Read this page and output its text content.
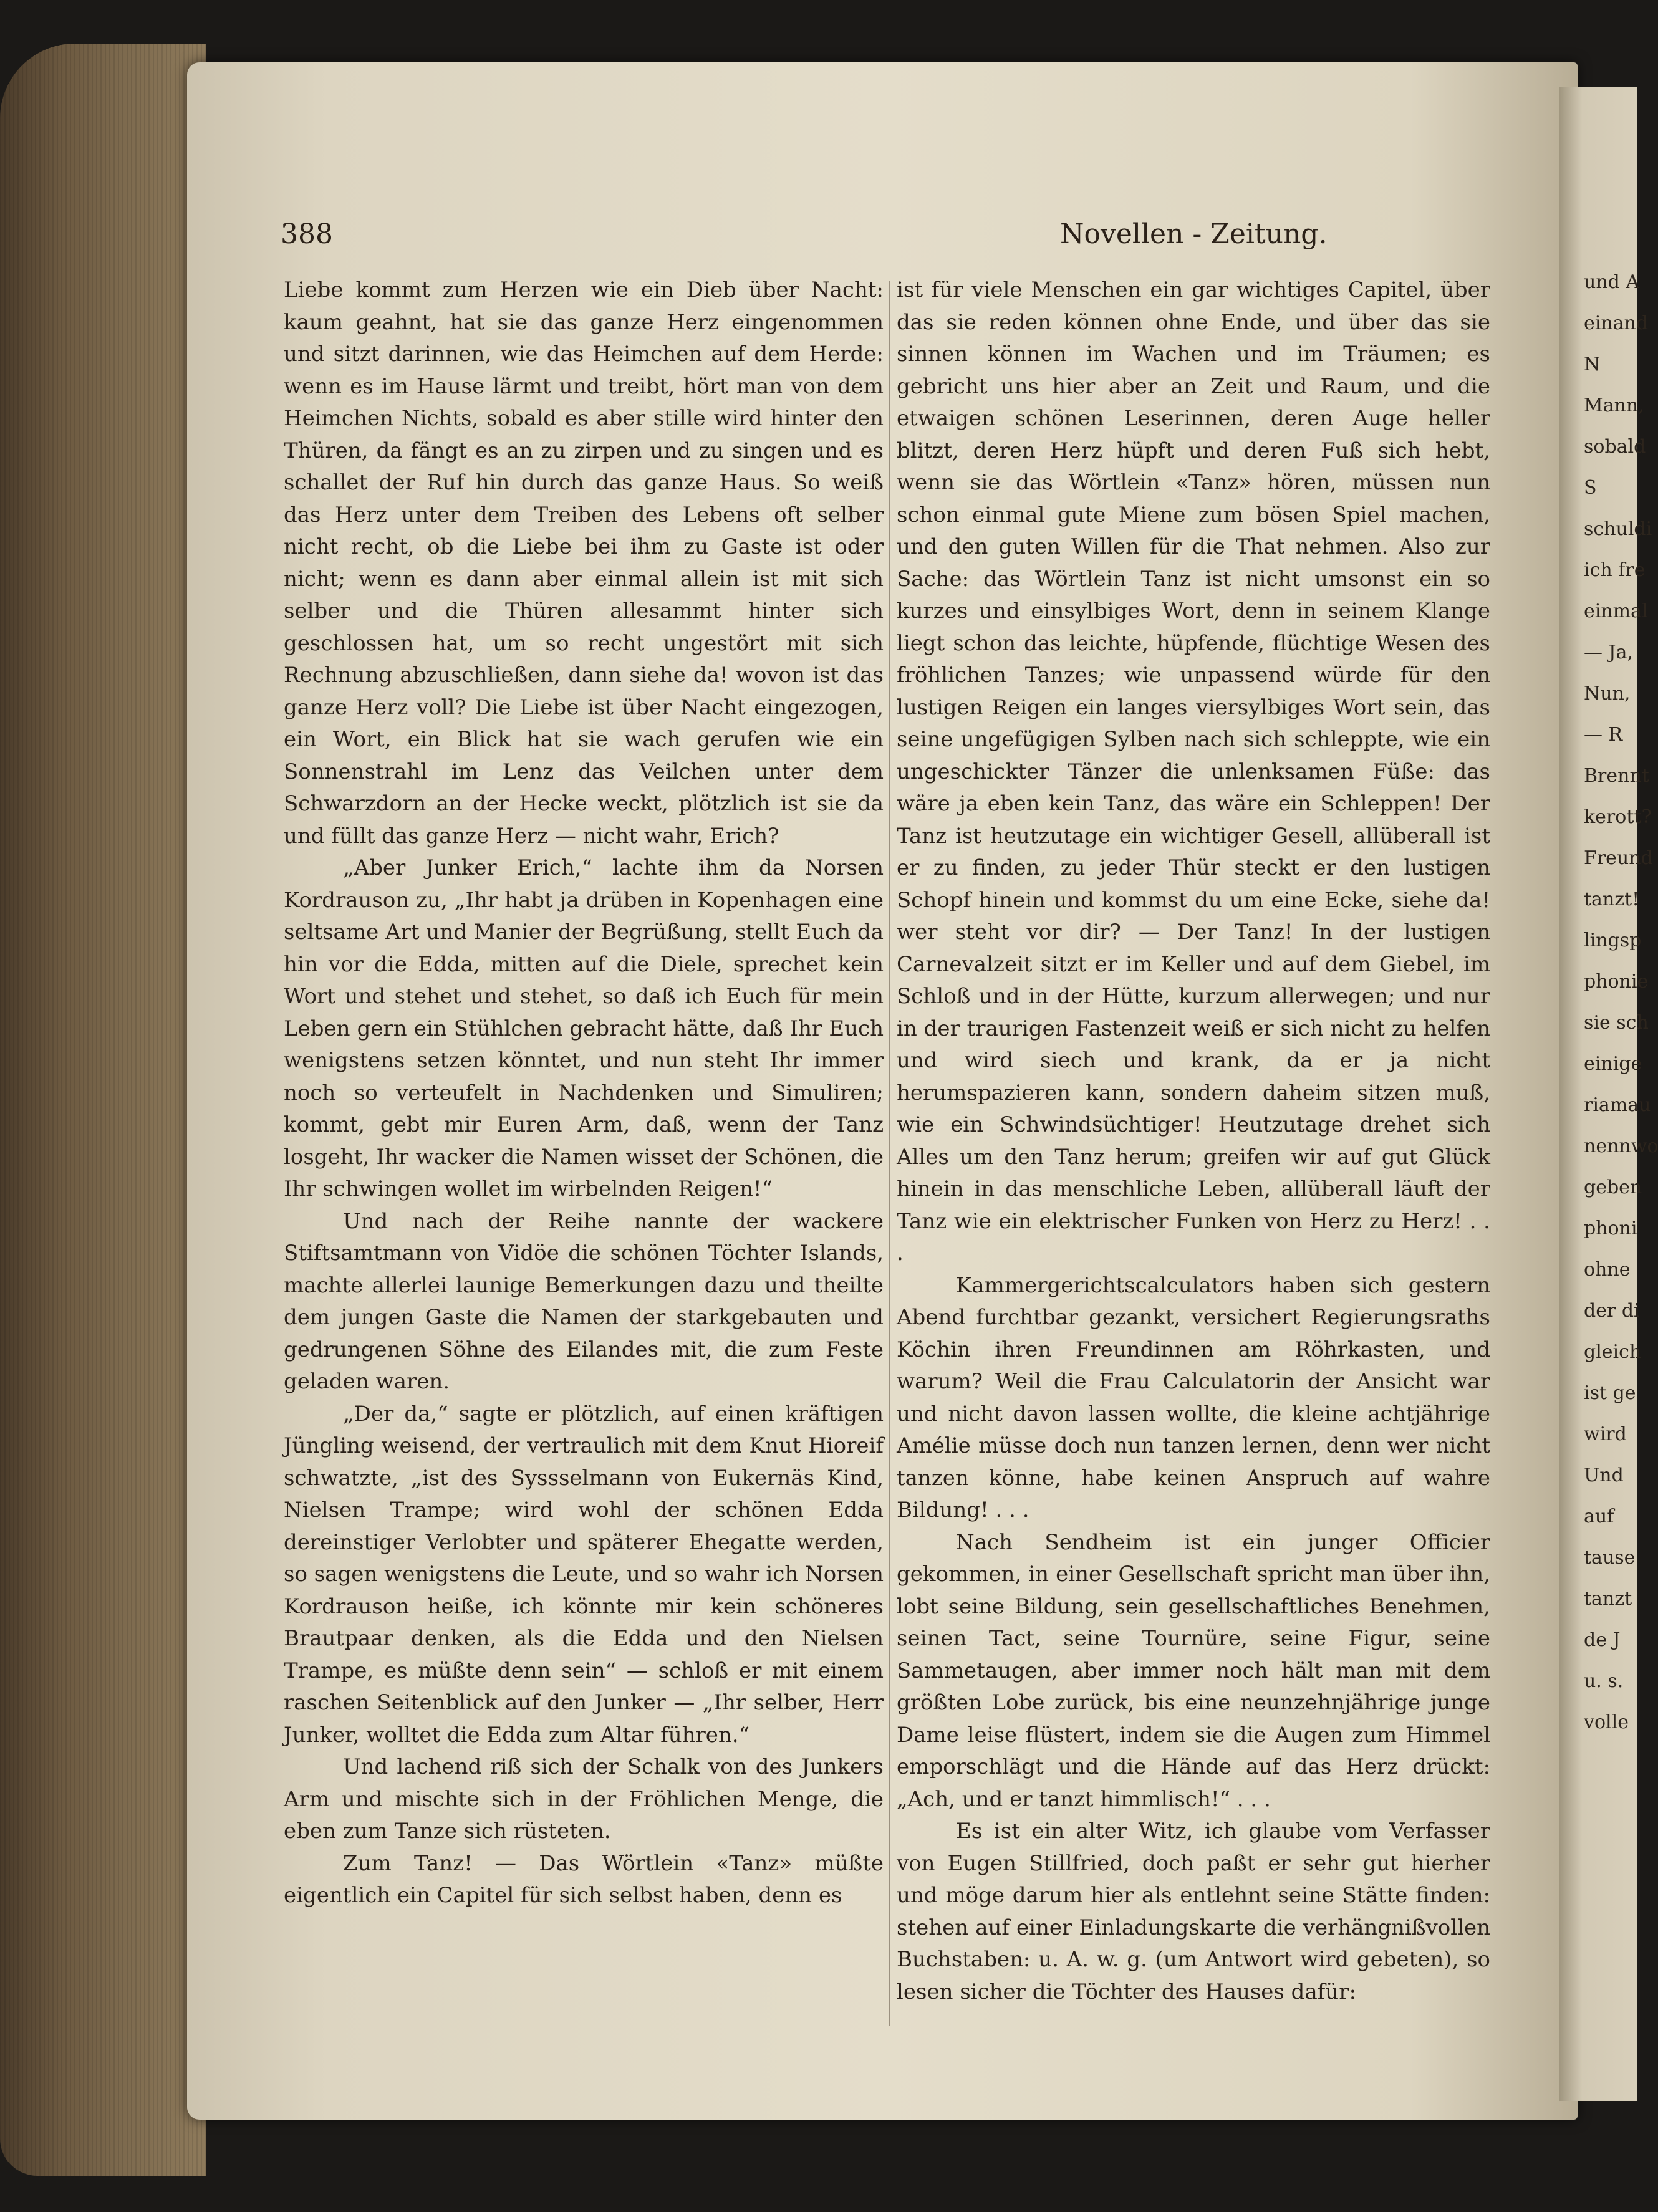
und A
einand
N
Mann,
sobald
S
schuldi
ich fre
einmal
— Ja,
Nun,
— R
Brennt
kerott?
Freund
tanzt!
lingsp
phonie
sie sch
einige
riamau
nennwo
geben
phoni
ohne
der di
gleich
ist ge
wird
Und
auf
tause
tanzt
de J
u. s.
volle
388	Novellen - Zeitung.

Liebe kommt zum Herzen wie ein Dieb über Nacht: kaum geahnt, hat sie das ganze Herz eingenommen und sitzt darinnen, wie das Heimchen auf dem Herde: wenn es im Hause lärmt und treibt, hört man von dem Heimchen Nichts, sobald es aber stille wird hinter den Thüren, da fängt es an zu zirpen und zu singen und es schallet der Ruf hin durch das ganze Haus. So weiß das Herz unter dem Treiben des Lebens oft selber nicht recht, ob die Liebe bei ihm zu Gaste ist oder nicht; wenn es dann aber einmal allein ist mit sich selber und die Thüren allesammt hinter sich geschlossen hat, um so recht ungestört mit sich Rechnung abzuschließen, dann siehe da! wovon ist das ganze Herz voll? Die Liebe ist über Nacht eingezogen, ein Wort, ein Blick hat sie wach gerufen wie ein Sonnenstrahl im Lenz das Veilchen unter dem Schwarzdorn an der Hecke weckt, plötzlich ist sie da und füllt das ganze Herz — nicht wahr, Erich?

„Aber Junker Erich,“ lachte ihm da Norsen Kordrauson zu, „Ihr habt ja drüben in Kopenhagen eine seltsame Art und Manier der Begrüßung, stellt Euch da hin vor die Edda, mitten auf die Diele, sprechet kein Wort und stehet und stehet, so daß ich Euch für mein Leben gern ein Stühlchen gebracht hätte, daß Ihr Euch wenigstens setzen könntet, und nun steht Ihr immer noch so verteufelt in Nachdenken und Simuliren; kommt, gebt mir Euren Arm, daß, wenn der Tanz losgeht, Ihr wacker die Namen wisset der Schönen, die Ihr schwingen wollet im wirbelnden Reigen!“

Und nach der Reihe nannte der wackere Stiftsamtmann von Vidöe die schönen Töchter Islands, machte allerlei launige Bemerkungen dazu und theilte dem jungen Gaste die Namen der starkgebauten und gedrungenen Söhne des Eilandes mit, die zum Feste geladen waren.

„Der da,“ sagte er plötzlich, auf einen kräftigen Jüngling weisend, der vertraulich mit dem Knut Hioreif schwatzte, „ist des Syssselmann von Eukernäs Kind, Nielsen Trampe; wird wohl der schönen Edda dereinstiger Verlobter und späterer Ehegatte werden, so sagen wenigstens die Leute, und so wahr ich Norsen Kordrauson heiße, ich könnte mir kein schöneres Brautpaar denken, als die Edda und den Nielsen Trampe, es müßte denn sein“ — schloß er mit einem raschen Seitenblick auf den Junker — „Ihr selber, Herr Junker, wolltet die Edda zum Altar führen.“

Und lachend riß sich der Schalk von des Junkers Arm und mischte sich in der Fröhlichen Menge, die eben zum Tanze sich rüsteten.

Zum Tanz! — Das Wörtlein «Tanz» müßte eigentlich ein Capitel für sich selbst haben, denn es

ist für viele Menschen ein gar wichtiges Capitel, über das sie reden können ohne Ende, und über das sie sinnen können im Wachen und im Träumen; es gebricht uns hier aber an Zeit und Raum, und die etwaigen schönen Leserinnen, deren Auge heller blitzt, deren Herz hüpft und deren Fuß sich hebt, wenn sie das Wörtlein «Tanz» hören, müssen nun schon einmal gute Miene zum bösen Spiel machen, und den guten Willen für die That nehmen. Also zur Sache: das Wörtlein Tanz ist nicht umsonst ein so kurzes und einsylbiges Wort, denn in seinem Klange liegt schon das leichte, hüpfende, flüchtige Wesen des fröhlichen Tanzes; wie unpassend würde für den lustigen Reigen ein langes viersylbiges Wort sein, das seine ungefügigen Sylben nach sich schleppte, wie ein ungeschickter Tänzer die unlenksamen Füße: das wäre ja eben kein Tanz, das wäre ein Schleppen! Der Tanz ist heutzutage ein wichtiger Gesell, allüberall ist er zu finden, zu jeder Thür steckt er den lustigen Schopf hinein und kommst du um eine Ecke, siehe da! wer steht vor dir? — Der Tanz! In der lustigen Carnevalzeit sitzt er im Keller und auf dem Giebel, im Schloß und in der Hütte, kurzum allerwegen; und nur in der traurigen Fastenzeit weiß er sich nicht zu helfen und wird siech und krank, da er ja nicht herumspazieren kann, sondern daheim sitzen muß, wie ein Schwindsüchtiger! Heutzutage drehet sich Alles um den Tanz herum; greifen wir auf gut Glück hinein in das menschliche Leben, allüberall läuft der Tanz wie ein elektrischer Funken von Herz zu Herz! . . .

Kammergerichtscalculators haben sich gestern Abend furchtbar gezankt, versichert Regierungsraths Köchin ihren Freundinnen am Röhrkasten, und warum? Weil die Frau Calculatorin der Ansicht war und nicht davon lassen wollte, die kleine achtjährige Amélie müsse doch nun tanzen lernen, denn wer nicht tanzen könne, habe keinen Anspruch auf wahre Bildung! . . .

Nach Sendheim ist ein junger Officier gekommen, in einer Gesellschaft spricht man über ihn, lobt seine Bildung, sein gesellschaftliches Benehmen, seinen Tact, seine Tournüre, seine Figur, seine Sammetaugen, aber immer noch hält man mit dem größten Lobe zurück, bis eine neunzehnjährige junge Dame leise flüstert, indem sie die Augen zum Himmel emporschlägt und die Hände auf das Herz drückt: „Ach, und er tanzt himmlisch!“ . . .

Es ist ein alter Witz, ich glaube vom Verfasser von Eugen Stillfried, doch paßt er sehr gut hierher und möge darum hier als entlehnt seine Stätte finden: stehen auf einer Einladungskarte die verhängnißvollen Buchstaben: u. A. w. g. (um Antwort wird gebeten), so lesen sicher die Töchter des Hauses dafür:
